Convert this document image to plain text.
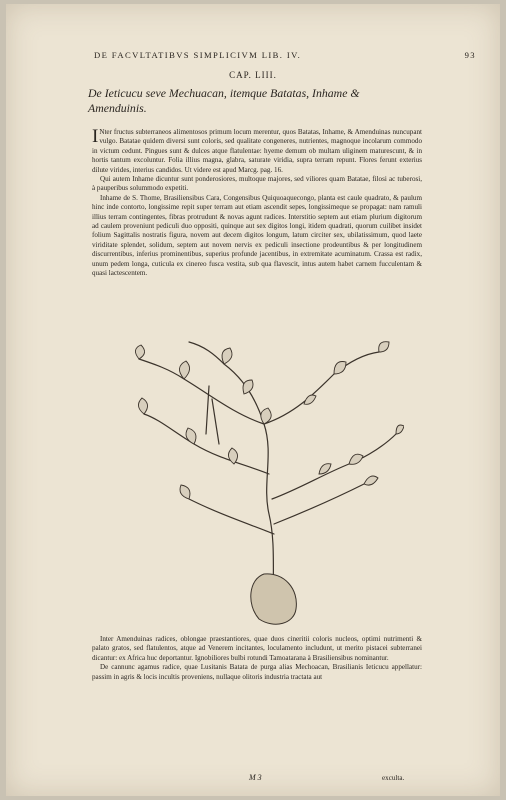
DE FACVLTATIBVS SIMPLICIVM LIB. IV.	93
CAP. LIII.
De Ieticucu seve Mechuacan, itemque Batatas, Inhame & Amenduinis.

I Nter fructus subterraneos alimentosos primum locum merentur, quos Batatas, Inhame, & Amenduinas nuncupant vulgo. Batatae quidem diversi sunt coloris, sed qualitate congeneres, nutrientes, magnoque incolarum commodo in victum cedunt. Pingues sunt & dulces atque flatulentae: hyeme demum ob multam uliginem maturescunt, & in hortis tantum excoluntur. Folia illius magna, glabra, saturate viridia, supra terram repunt. Flores ferunt exterius dilute virides, interius candidos. Ut videre est apud Marcg. pag. 16.

Qui autem Inhame dicuntur sunt ponderosiores, multoque majores, sed viliores quam Batatae, filosi ac tuberosi, à pauperibus solummodo expetiti.

Inhame de S. Thome, Brasiliensibus Cara, Congensibus Quiquoaquecongo, planta est caule quadrato, & paulum hinc inde contorto, longissime repit super terram aut etiam ascendit sepes, longissimeque se propagat: nam ramuli illius terram contingentes, fibras protrudunt & novas agunt radices. Interstitio septem aut etiam plurium digitorum ad caulem proveniunt pediculi duo oppositi, quinque aut sex digitos longi, itidem quadrati, quorum cuilibet insidet folium Sagittalis nostratis figura, novem aut decem digitos longum, latum circiter sex, ubilatissimum, quod laete viriditate splendet, solidum, septem aut novem nervis ex pediculi insectione prodeuntibus & per longitudinem discurrentibus, inferius prominentibus, superius profunde jacentibus, in extremitate acuminatum. Crassa est radix, unum pedem longa, cuticula ex cinereo fusca vestita, sub qua flavescit, intus autem habet carnem fucculentam & quasi lactescentem.

Inter Amenduinas radices, oblongae praestantiores, quae duos cineritii coloris nucleos, optimi nutrimenti & palato gratos, sed flatulentos, atque ad Venerem incitantes, loculamento includunt, ut merito pistacei subterranei dicantur: ex Africa huc deportantur. Ignobiliores bulbi rotundi Tamoatarana à Brasiliensibus nominantur.

De cannunc agamus radice, quae Lusitanis Batata de purga alias Mechoacan, Brasilianis Ieticucu appellatur: passim in agris & locis incultis proveniens, nullaque olitoris industria tractata aut

M 3	exculta.
